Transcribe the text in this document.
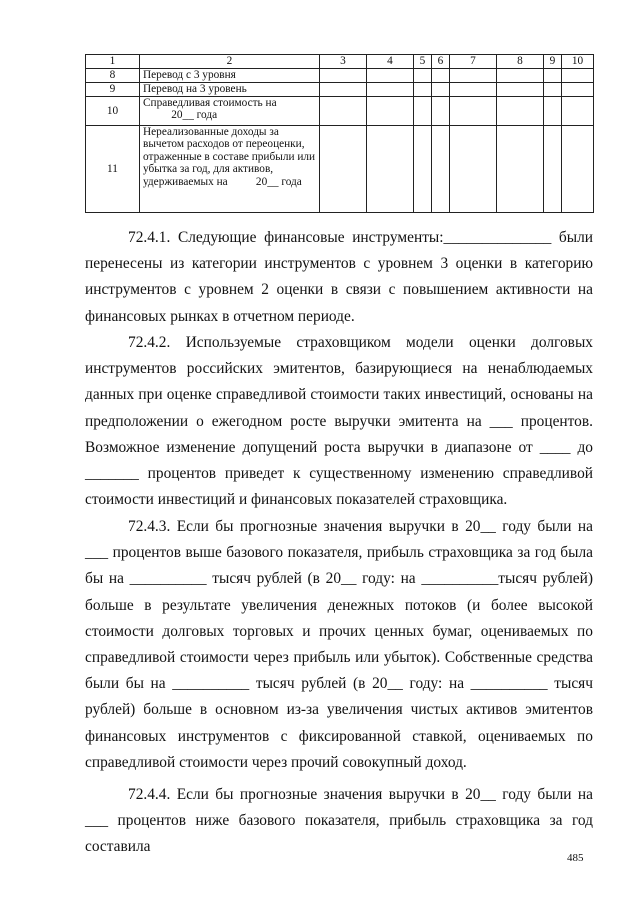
1	2	3	4	5	6	7	8	9	10
8	Перевод с 3 уровня								
9	Перевод на 3 уровень								
10	Справедливая стоимость на
20__ года								
11	Нереализованные доходы за вычетом расходов от переоценки, отраженные в составе прибыли или убытка за год, для активов, удерживаемых на          20__ года								

72.4.1. Следующие финансовые инструменты:______________ были перенесены из категории инструментов с уровнем 3 оценки в категорию инструментов с уровнем 2 оценки в связи с повышением активности на финансовых рынках в отчетном периоде.

72.4.2. Используемые страховщиком модели оценки долговых инструментов российских эмитентов, базирующиеся на ненаблюдаемых данных при оценке справедливой стоимости таких инвестиций, основаны на предположении о ежегодном росте выручки эмитента на ___ процентов. Возможное изменение допущений роста выручки в диапазоне от ____ до _______ процентов приведет к существенному изменению справедливой стоимости инвестиций и финансовых показателей страховщика.

72.4.3. Если бы прогнозные значения выручки в 20__ году были на ___ процентов выше базового показателя, прибыль страховщика за год была бы на __________ тысяч рублей (в 20__ году: на __________тысяч рублей) больше в результате увеличения денежных потоков (и более высокой стоимости долговых торговых и прочих ценных бумаг, оцениваемых по справедливой стоимости через прибыль или убыток). Собственные средства были бы на __________ тысяч рублей (в 20__ году: на __________ тысяч рублей) больше в основном из-за увеличения чистых активов эмитентов финансовых инструментов с фиксированной ставкой, оцениваемых по справедливой стоимости через прочий совокупный доход.

72.4.4. Если бы прогнозные значения выручки в 20__ году были на ___ процентов ниже базового показателя, прибыль страховщика за год составила

485
